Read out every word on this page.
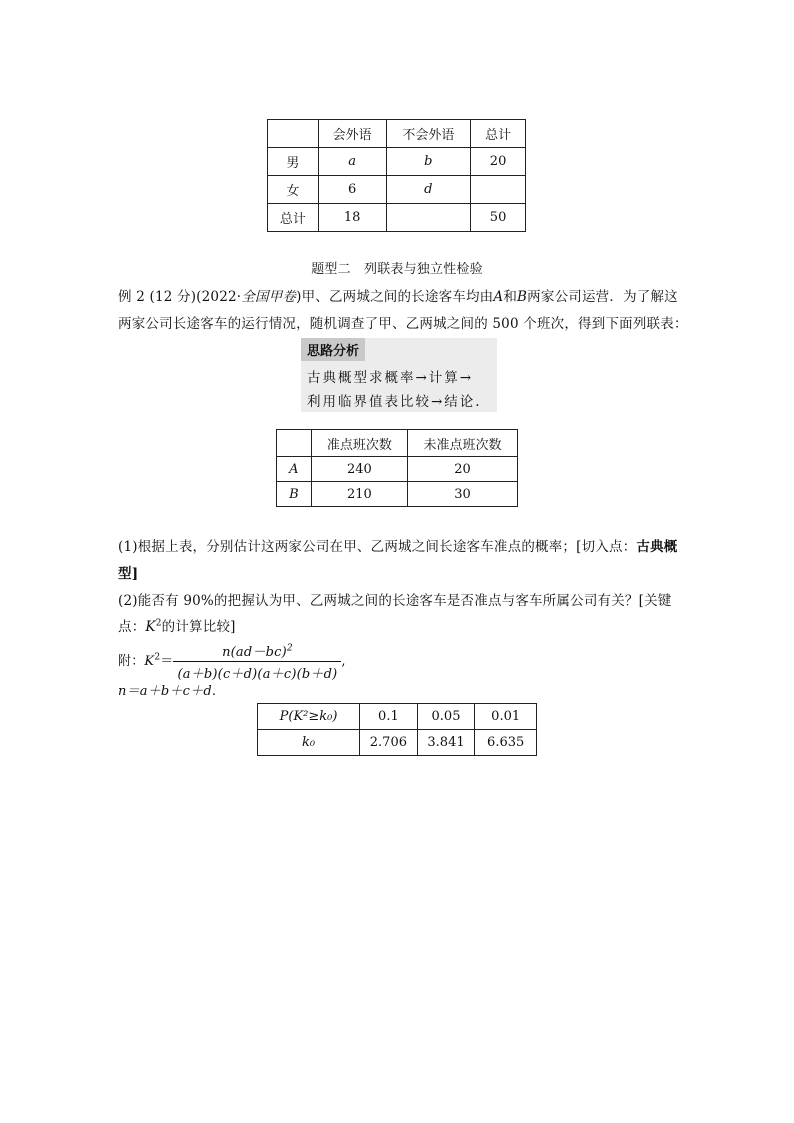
	会外语	不会外语	总计
男	a	b	20
女	6	d	
总计	18		50
题型二　列联表与独立性检验
例 2 (12 分)(2022·全国甲卷)甲、乙两城之间的长途客车均由A和B两家公司运营．为了解这
两家公司长途客车的运行情况，随机调查了甲、乙两城之间的 500 个班次，得到下面列联表：
思路分析
古典概型求概率→计算→
利用临界值表比较→结论.
	准点班次数	未准点班次数
A	240	20
B	210	30
(1)根据上表，分别估计这两家公司在甲、乙两城之间长途客车准点的概率；[切入点：古典概
型]
(2)能否有 90%的把握认为甲、乙两城之间的长途客车是否准点与客车所属公司有关？[关键
点：$K^2$的计算比较]
附：$K^2= \frac{n(ad-bc)^2}{(a+b)(c+d)(a+c)(b+d)}$ ,
n＝a＋b＋c＋d.
P(K²≥k₀)	0.1	0.05	0.01
k₀	2.706	3.841	6.635
